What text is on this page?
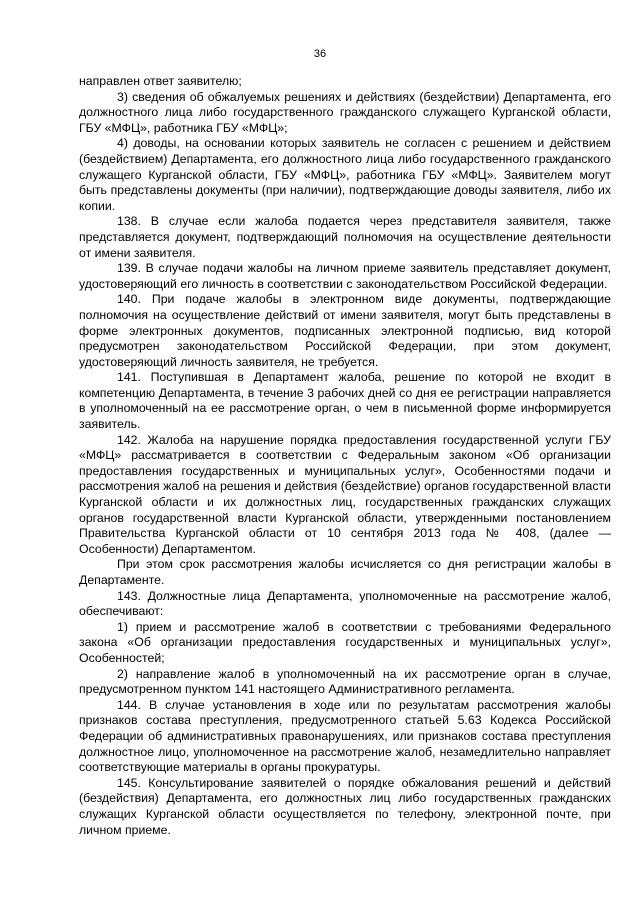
36

направлен ответ заявителю;

3) сведения об обжалуемых решениях и действиях (бездействии) Департамента, его должностного лица либо государственного гражданского служащего Курганской области, ГБУ «МФЦ», работника ГБУ «МФЦ»;

4) доводы, на основании которых заявитель не согласен с решением и действием (бездействием) Департамента, его должностного лица либо государственного гражданского служащего Курганской области, ГБУ «МФЦ», работника ГБУ «МФЦ». Заявителем могут быть представлены документы (при наличии), подтверждающие доводы заявителя, либо их копии.

138. В случае если жалоба подается через представителя заявителя, также представляется документ, подтверждающий полномочия на осуществление деятельности от имени заявителя.

139. В случае подачи жалобы на личном приеме заявитель представляет документ, удостоверяющий его личность в соответствии с законодательством Российской Федерации.

140. При подаче жалобы в электронном виде документы, подтверждающие полномочия на осуществление действий от имени заявителя, могут быть представлены в форме электронных документов, подписанных электронной подписью, вид которой предусмотрен законодательством Российской Федерации, при этом документ, удостоверяющий личность заявителя, не требуется.

141. Поступившая в Департамент жалоба, решение по которой не входит в компетенцию Департамента, в течение 3 рабочих дней со дня ее регистрации направляется в уполномоченный на ее рассмотрение орган, о чем в письменной форме информируется заявитель.

142. Жалоба на нарушение порядка предоставления государственной услуги ГБУ «МФЦ» рассматривается в соответствии с Федеральным законом «Об организации предоставления государственных и муниципальных услуг», Особенностями подачи и рассмотрения жалоб на решения и действия (бездействие) органов государственной власти Курганской области и их должностных лиц, государственных гражданских служащих органов государственной власти Курганской области, утвержденными постановлением Правительства Курганской области от 10 сентября 2013 года № 408, (далее — Особенности) Департаментом.

При этом срок рассмотрения жалобы исчисляется со дня регистрации жалобы в Департаменте.

143. Должностные лица Департамента, уполномоченные на рассмотрение жалоб, обеспечивают:

1) прием и рассмотрение жалоб в соответствии с требованиями Федерального закона «Об организации предоставления государственных и муниципальных услуг», Особенностей;

2) направление жалоб в уполномоченный на их рассмотрение орган в случае, предусмотренном пунктом 141 настоящего Административного регламента.

144. В случае установления в ходе или по результатам рассмотрения жалобы признаков состава преступления, предусмотренного статьей 5.63 Кодекса Российской Федерации об административных правонарушениях, или признаков состава преступления должностное лицо, уполномоченное на рассмотрение жалоб, незамедлительно направляет соответствующие материалы в органы прокуратуры.

145. Консультирование заявителей о порядке обжалования решений и действий (бездействия) Департамента, его должностных лиц либо государственных гражданских служащих Курганской области осуществляется по телефону, электронной почте, при личном приеме.
